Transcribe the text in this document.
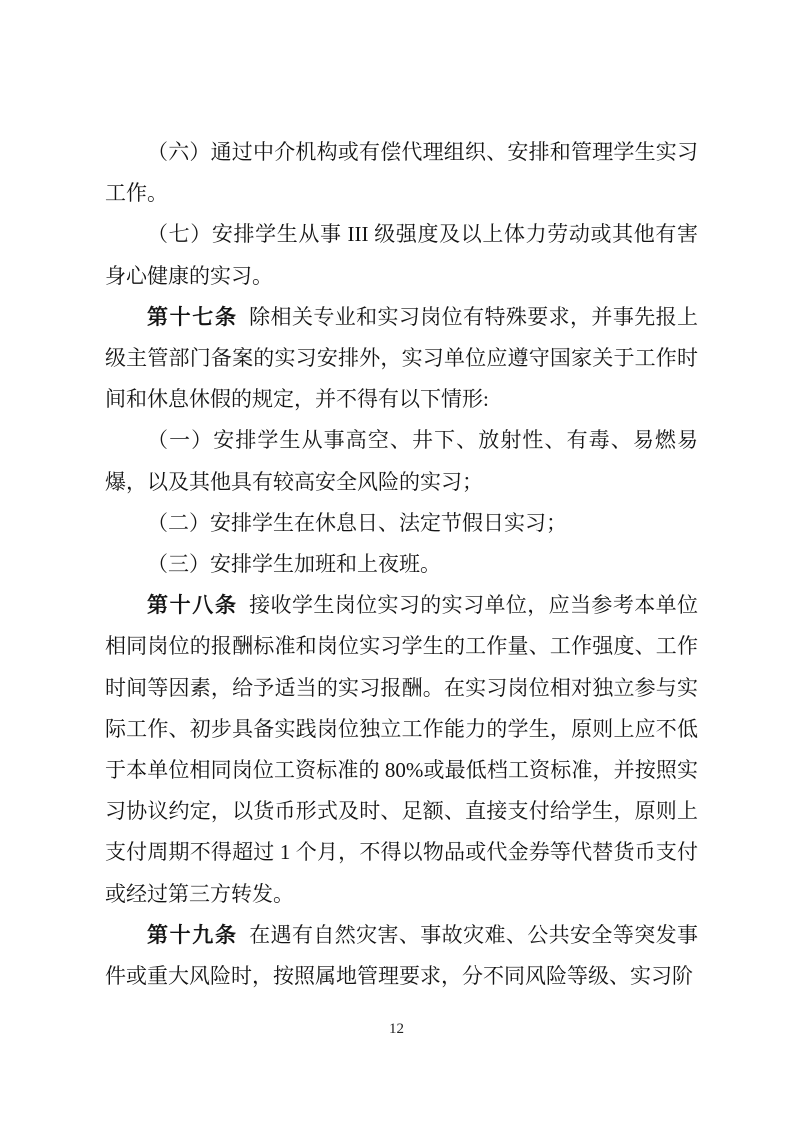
（六）通过中介机构或有偿代理组织、安排和管理学生实习工作。

（七）安排学生从事 III 级强度及以上体力劳动或其他有害身心健康的实习。

第十七条 除相关专业和实习岗位有特殊要求，并事先报上级主管部门备案的实习安排外，实习单位应遵守国家关于工作时间和休息休假的规定，并不得有以下情形:

（一）安排学生从事高空、井下、放射性、有毒、易燃易爆，以及其他具有较高安全风险的实习；

（二）安排学生在休息日、法定节假日实习；

（三）安排学生加班和上夜班。

第十八条 接收学生岗位实习的实习单位，应当参考本单位相同岗位的报酬标准和岗位实习学生的工作量、工作强度、工作时间等因素，给予适当的实习报酬。在实习岗位相对独立参与实际工作、初步具备实践岗位独立工作能力的学生，原则上应不低于本单位相同岗位工资标准的 80%或最低档工资标准，并按照实习协议约定，以货币形式及时、足额、直接支付给学生，原则上支付周期不得超过 1 个月，不得以物品或代金券等代替货币支付或经过第三方转发。

第十九条 在遇有自然灾害、事故灾难、公共安全等突发事件或重大风险时，按照属地管理要求，分不同风险等级、实习阶

12
